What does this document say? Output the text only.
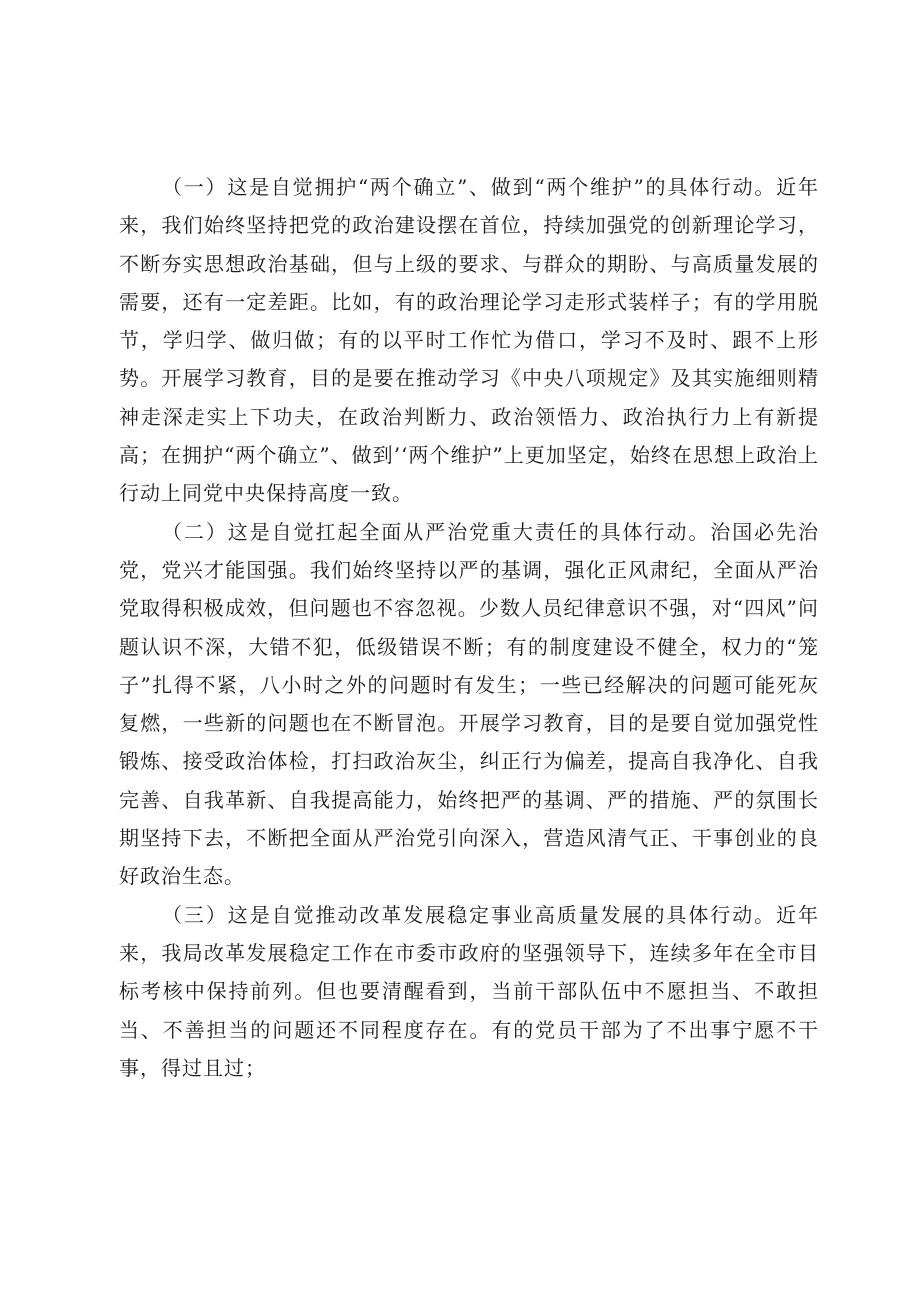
（一）这是自觉拥护“两个确立”、做到“两个维护”的具体行动。近年来，我们始终坚持把党的政治建设摆在首位，持续加强党的创新理论学习，不断夯实思想政治基础，但与上级的要求、与群众的期盼、与高质量发展的需要，还有一定差距。比如，有的政治理论学习走形式装样子；有的学用脱节，学归学、做归做；有的以平时工作忙为借口，学习不及时、跟不上形势。开展学习教育，目的是要在推动学习《中央八项规定》及其实施细则精神走深走实上下功夫，在政治判断力、政治领悟力、政治执行力上有新提高；在拥护“两个确立”、做到’‘两个维护”上更加坚定，始终在思想上政治上行动上同党中央保持高度一致。

（二）这是自觉扛起全面从严治党重大责任的具体行动。治国必先治党，党兴才能国强。我们始终坚持以严的基调，强化正风肃纪，全面从严治党取得积极成效，但问题也不容忽视。少数人员纪律意识不强，对“四风”问题认识不深，大错不犯，低级错误不断；有的制度建设不健全，权力的“笼子”扎得不紧，八小时之外的问题时有发生；一些已经解决的问题可能死灰复燃，一些新的问题也在不断冒泡。开展学习教育，目的是要自觉加强党性锻炼、接受政治体检，打扫政治灰尘，纠正行为偏差，提高自我净化、自我完善、自我革新、自我提高能力，始终把严的基调、严的措施、严的氛围长期坚持下去，不断把全面从严治党引向深入，营造风清气正、干事创业的良好政治生态。

（三）这是自觉推动改革发展稳定事业高质量发展的具体行动。近年来，我局改革发展稳定工作在市委市政府的坚强领导下，连续多年在全市目标考核中保持前列。但也要清醒看到，当前干部队伍中不愿担当、不敢担当、不善担当的问题还不同程度存在。有的党员干部为了不出事宁愿不干事，得过且过；
